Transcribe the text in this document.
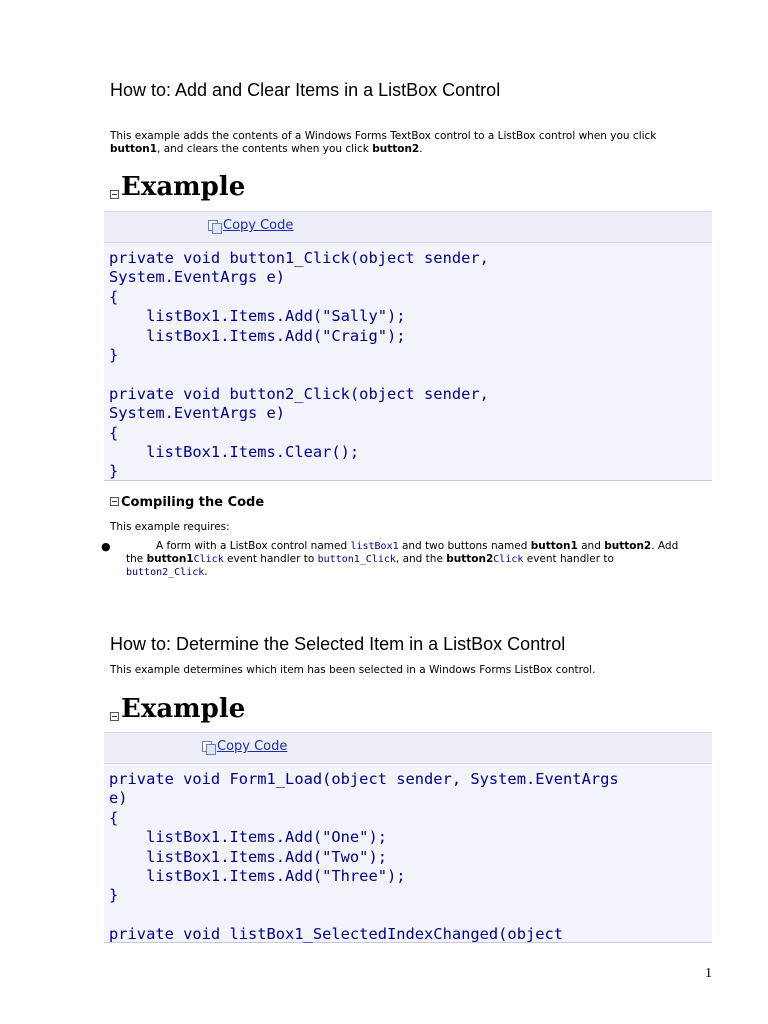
How to: Add and Clear Items in a ListBox Control
This example adds the contents of a Windows Forms TextBox control to a ListBox control when you click
button1, and clears the contents when you click button2.
Example
Copy Code
private void button1_Click(object sender,
System.EventArgs e)
{
listBox1.Items.Add("Sally");
listBox1.Items.Add("Craig");
}

private void button2_Click(object sender,
System.EventArgs e)
{
listBox1.Items.Clear();
}
Compiling the Code
This example requires:
●	A form with a ListBox control named listBox1 and two buttons named button1 and button2. Add
the button1Click event handler to button1_Click, and the button2Click event handler to
button2_Click.
How to: Determine the Selected Item in a ListBox Control
This example determines which item has been selected in a Windows Forms ListBox control.
Example
Copy Code
private void Form1_Load(object sender, System.EventArgs
e)
{
listBox1.Items.Add("One");
listBox1.Items.Add("Two");
listBox1.Items.Add("Three");
}

private void listBox1_SelectedIndexChanged(object
1
